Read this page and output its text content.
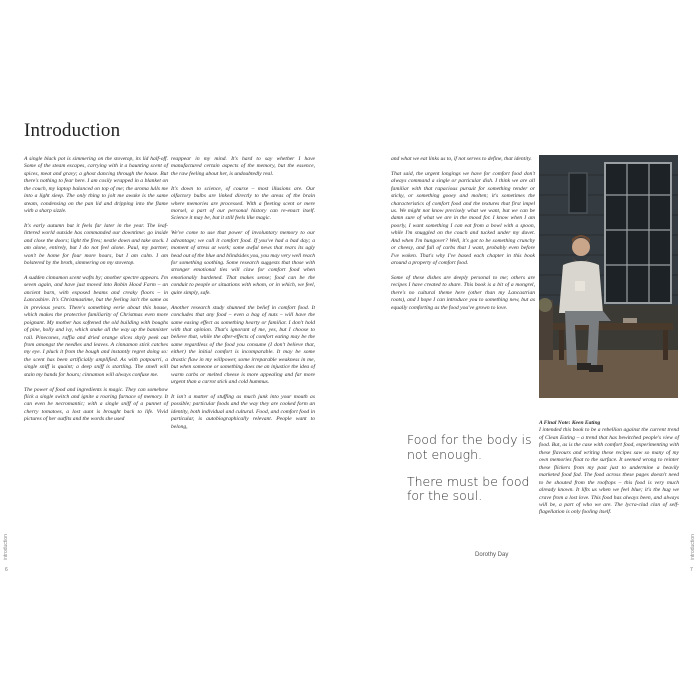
Introduction

A single black pot is simmering on the stovetop, its lid half-off. Some of the steam escapes, carrying with it a haunting scent of spices, meat and gravy; a ghost dancing through the house. But there's nothing to fear here. I am cosily wrapped in a blanket on the couch, my laptop balanced on top of me; the aroma lulls me into a light sleep. The only thing to jolt me awake is the same steam, condensing on the pan lid and dripping into the flame with a sharp sizzle.

It's early autumn but it feels far later in the year. The leaf-littered world outside has commanded our downtime: go inside and close the doors; light the fires; nestle down and take stock. I am alone, entirely, but I do not feel alone. Paul, my partner, won't be home for four more hours, but I am calm. I am bolstered by the broth, simmering on my stovetop.

A sudden cinnamon scent wafts by; another spectre appears. I'm seven again, and have just moved into Robin Hood Farm – an ancient barn, with exposed beams and creaky floors – in Lancashire. It's Christmastime, but the feeling isn't the same as in previous years. There's something eerie about this house, which makes the protective familiarity of Christmas even more poignant. My mother has softened the old building with boughs of pine, holly and ivy, which snake all the way up the bannister rail. Pinecones, raffia and dried orange slices shyly peek out from amongst the needles and leaves. A cinnamon stick catches my eye. I pluck it from the bough and instantly regret doing so: the scent has been artificially amplified. As with potpourri, a single sniff is quaint; a deep sniff is startling. The smell will stain my hands for hours; cinnamon will always confuse me.

The power of food and ingredients is magic. They can somehow flick a single switch and ignite a roaring furnace of memory. It can even be necromantic; with a single sniff of a punnet of cherry tomatoes, a lost aunt is brought back to life. Vivid pictures of her outfits and the words she used

reappear in my mind. It's hard to say whether I have manufactured certain aspects of the memory, but the essence, the raw feeling about her, is undoubtedly real.

It's down to science, of course – most illusions are. Our olfactory bulbs are linked directly to the areas of the brain where memories are processed. With a fleeting scent or mere morsel, a part of our personal history can re-enact itself. Science it may be, but it still feels like magic.

We've come to use that power of involuntary memory to our advantage; we call it comfort food. If you've had a bad day; a moment of stress at work; some awful news that rears its ugly head out of the blue and blindsides you, you may very well reach for something soothing. Some research suggests that those with stronger emotional ties will claw for comfort food when emotionally burdened. That makes sense; food can be the conduit to people or situations with whom, or in which, we feel, quite simply, safe.

Another research study shunned the belief in comfort food. It concludes that any food – even a bag of nuts – will have the same easing effect as something hearty or familiar. I don't hold with that opinion. That's ignorant of me, yes, but I choose to believe that, while the after-effects of comfort eating may be the same regardless of the food you consume (I don't believe that, either) the initial comfort is incomparable. It may be some drastic flaw in my willpower, some irreparable weakness in me, but when someone or something does me an injustice the idea of warm carbs or melted cheese is more appealing and far more urgent than a carrot stick and cold hummus.

It isn't a matter of stuffing as much junk into your mouth as possible; particular foods and the way they are cooked form an identity, both individual and cultural. Food, and comfort food in particular, is autobiographically relevant. People want to belong,

and what we eat links us to, if not serves to define, that identity.

That said, the urgent longings we have for comfort food don't always command a single or particular dish. I think we are all familiar with that rapacious pursuit for something tender or sticky, or something gooey and molten; it's sometimes the characteristics of comfort food and the textures that first impel us. We might not know precisely what we want, but we can be damn sure of what we are in the mood for. I know when I am poorly, I want something I can eat from a bowl with a spoon, while I'm snuggled on the couch and tucked under my duvet. And when I'm hungover? Well, it's got to be something crunchy or cheesy, and full of carbs that I want, probably even before I've woken. That's why I've based each chapter in this book around a property of comfort food.

Some of these dishes are deeply personal to me; others are recipes I have created to share. This book is a bit of a mongrel, there's no cultural theme here (other than my Lancastrian roots), and I hope I can introduce you to something new, but as equally comforting as the food you've grown to love.

Food for the body is not enough.

There must be food for the soul.

Dorothy Day
A Final Note: Keen Eating

I intended this book to be a rebellion against the current trend of Clean Eating – a trend that has bewitched people's view of food. But, as is the case with comfort food, experimenting with these flavours and writing these recipes saw so many of my own memories float to the surface. It seemed wrong to reinter these flickers from my past just to undermine a heavily marketed food fad. The food across these pages doesn't need to be shouted from the rooftops – this food is very much already known. It lifts us when we feel blue; it's the hug we crave from a lost love. This food has always been, and always will be, a part of who we are. The lycra-clad clan of self-flagellation is only fooling itself.

6	7
introduction	introduction
